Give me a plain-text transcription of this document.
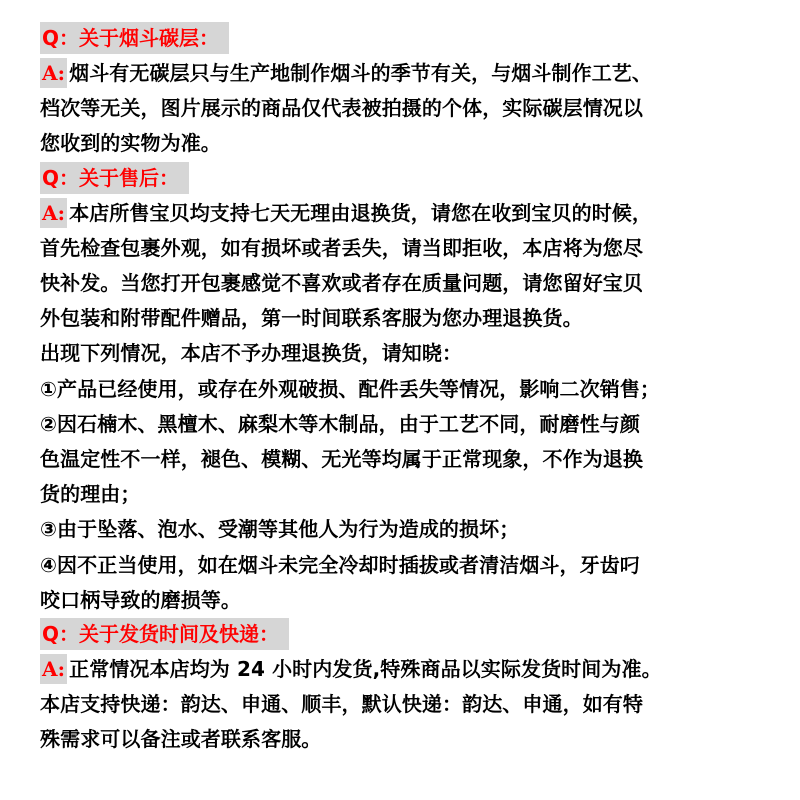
Q：关于烟斗碳层：
A: 烟斗有无碳层只与生产地制作烟斗的季节有关，与烟斗制作工艺、
档次等无关，图片展示的商品仅代表被拍摄的个体，实际碳层情况以
您收到的实物为准。
Q：关于售后：
A: 本店所售宝贝均支持七天无理由退换货，请您在收到宝贝的时候，
首先检查包裹外观，如有损坏或者丢失，请当即拒收，本店将为您尽
快补发。当您打开包裹感觉不喜欢或者存在质量问题，请您留好宝贝
外包装和附带配件赠品，第一时间联系客服为您办理退换货。
出现下列情况，本店不予办理退换货，请知晓：
①产品已经使用，或存在外观破损、配件丢失等情况，影响二次销售；
②因石楠木、黑檀木、麻梨木等木制品，由于工艺不同，耐磨性与颜
色温定性不一样，褪色、模糊、无光等均属于正常现象，不作为退换
货的理由；
③由于坠落、泡水、受潮等其他人为行为造成的损坏；
④因不正当使用，如在烟斗未完全冷却时插拔或者清洁烟斗，牙齿叼
咬口柄导致的磨损等。
Q：关于发货时间及快递：
A: 正常情况本店均为 24 小时内发货,特殊商品以实际发货时间为准。
本店支持快递：韵达、申通、顺丰，默认快递：韵达、申通，如有特
殊需求可以备注或者联系客服。
